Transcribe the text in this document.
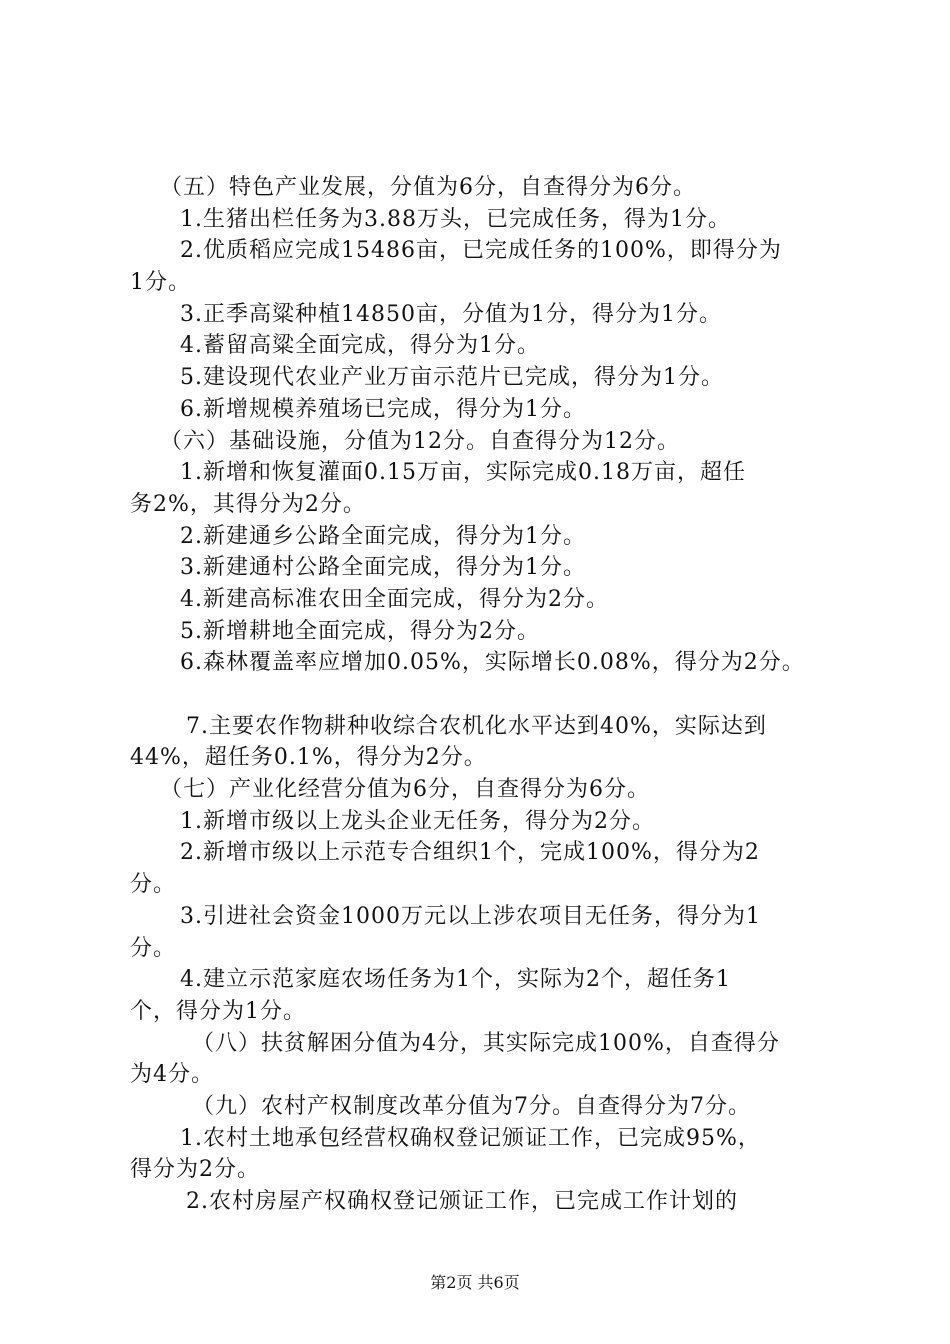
（五）特色产业发展，分值为6分，自查得分为6分。
1.生猪出栏任务为3.88万头，已完成任务，得为1分。
2.优质稻应完成15486亩，已完成任务的100%，即得分为
1分。
3.正季高粱种植14850亩，分值为1分，得分为1分。
4.蓄留高粱全面完成，得分为1分。
5.建设现代农业产业万亩示范片已完成，得分为1分。
6.新增规模养殖场已完成，得分为1分。
（六）基础设施，分值为12分。自查得分为12分。
1.新增和恢复灌面0.15万亩，实际完成0.18万亩，超任
务2%，其得分为2分。
2.新建通乡公路全面完成，得分为1分。
3.新建通村公路全面完成，得分为1分。
4.新建高标准农田全面完成，得分为2分。
5.新增耕地全面完成，得分为2分。
6.森林覆盖率应增加0.05%，实际增长0.08%，得分为2分。
7.主要农作物耕种收综合农机化水平达到40%，实际达到
44%，超任务0.1%，得分为2分。
（七）产业化经营分值为6分，自查得分为6分。
1.新增市级以上龙头企业无任务，得分为2分。
2.新增市级以上示范专合组织1个，完成100%，得分为2
分。
3.引进社会资金1000万元以上涉农项目无任务，得分为1
分。
4.建立示范家庭农场任务为1个，实际为2个，超任务1
个，得分为1分。
（八）扶贫解困分值为4分，其实际完成100%，自查得分
为4分。
（九）农村产权制度改革分值为7分。自查得分为7分。
1.农村土地承包经营权确权登记颁证工作，已完成95%，
得分为2分。
2.农村房屋产权确权登记颁证工作，已完成工作计划的
第2页 共6页
